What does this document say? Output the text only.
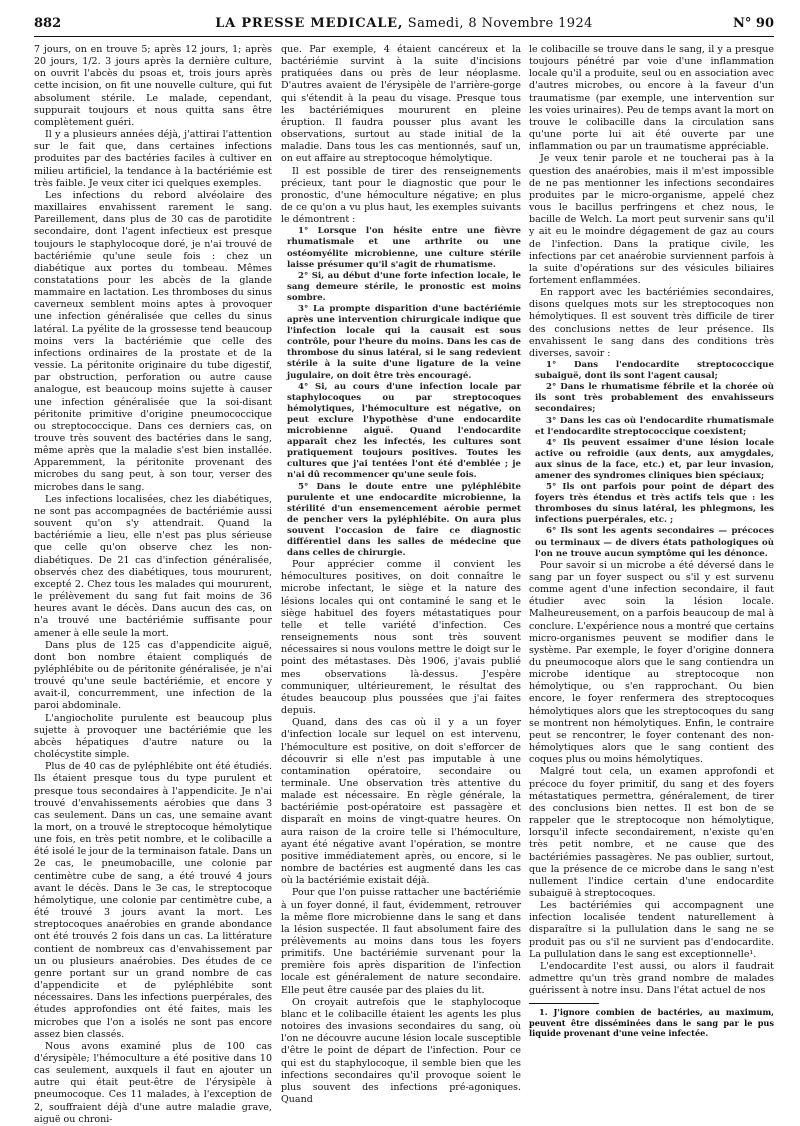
882	LA PRESSE MEDICALE, Samedi, 8 Novembre 1924	N° 90

7 jours, on en trouve 5; après 12 jours, 1; après 20 jours, 1/2. 3 jours après la dernière culture, on ouvrit l'abcès du psoas et, trois jours après cette incision, on fit une nouvelle culture, qui fut absolument stérile. Le malade, cependant, suppurait toujours et nous quitta sans être complètement guéri.

Il y a plusieurs années déjà, j'attirai l'attention sur le fait que, dans certaines infections produites par des bactéries faciles à cultiver en milieu artificiel, la tendance à la bactériémie est très faible. Je veux citer ici quelques exemples.

Les infections du rebord alvéolaire des maxillaires envahissent rarement le sang. Pareillement, dans plus de 30 cas de parotidite secondaire, dont l'agent infectieux est presque toujours le staphylocoque doré, je n'ai trouvé de bactériémie qu'une seule fois : chez un diabétique aux portes du tombeau. Mêmes constatations pour les abcès de la glande mammaire en lactation. Les thromboses du sinus caverneux semblent moins aptes à provoquer une infection généralisée que celles du sinus latéral. La pyélite de la grossesse tend beaucoup moins vers la bactériémie que celle des infections ordinaires de la prostate et de la vessie. La péritonite originaire du tube digestif, par obstruction, perforation ou autre cause analogue, est beaucoup moins sujette à causer une infection généralisée que la soi-disant péritonite primitive d'origine pneumococcique ou streptococcique. Dans ces derniers cas, on trouve très souvent des bactéries dans le sang, même après que la maladie s'est bien installée. Apparemment, la péritonite provenant des microbes du sang peut, à son tour, verser des microbes dans le sang.

Les infections localisées, chez les diabétiques, ne sont pas accompagnées de bactériémie aussi souvent qu'on s'y attendrait. Quand la bactériémie a lieu, elle n'est pas plus sérieuse que celle qu'on observe chez les non-diabétiques. De 21 cas d'infection généralisée, observés chez des diabétiques, tous moururent, excepté 2. Chez tous les malades qui moururent, le prélèvement du sang fut fait moins de 36 heures avant le décès. Dans aucun des cas, on n'a trouvé une bactériémie suffisante pour amener à elle seule la mort.

Dans plus de 125 cas d'appendicite aiguë, dont bon nombre étaient compliqués de pyléphlébite ou de péritonite généralisée, je n'ai trouvé qu'une seule bactériémie, et encore y avait-il, concurremment, une infection de la paroi abdominale.

L'angiocholite purulente est beaucoup plus sujette à provoquer une bactériémie que les abcès hépatiques d'autre nature ou la cholécystite simple.

Plus de 40 cas de pyléphlébite ont été étudiés. Ils étaient presque tous du type purulent et presque tous secondaires à l'appendicite. Je n'ai trouvé d'envahissements aérobies que dans 3 cas seulement. Dans un cas, une semaine avant la mort, on a trouvé le streptocoque hémolytique une fois, en très petit nombre, et le colibacille a été isolé le jour de la terminaison fatale. Dans un 2e cas, le pneumobacille, une colonie par centimètre cube de sang, a été trouvé 4 jours avant le décès. Dans le 3e cas, le streptocoque hémolytique, une colonie par centimètre cube, a été trouvé 3 jours avant la mort. Les streptocoques anaérobies en grande abondance ont été trouvés 2 fois dans un cas. La littérature contient de nombreux cas d'envahissement par un ou plusieurs anaérobies. Des études de ce genre portant sur un grand nombre de cas d'appendicite et de pyléphlébite sont nécessaires. Dans les infections puerpérales, des études approfondies ont été faites, mais les microbes que l'on a isolés ne sont pas encore assez bien classés.

Nous avons examiné plus de 100 cas d'érysipèle; l'hémoculture a été positive dans 10 cas seulement, auxquels il faut en ajouter un autre qui était peut-être de l'érysipèle à pneumocoque. Ces 11 malades, à l'exception de 2, souffraient déjà d'une autre maladie grave, aiguë ou chroni-

que. Par exemple, 4 étaient cancéreux et la bactériémie survint à la suite d'incisions pratiquées dans ou près de leur néoplasme. D'autres avaient de l'érysipèle de l'arrière-gorge qui s'étendit à la peau du visage. Presque tous les bactériémiques moururent en pleine éruption. Il faudra pousser plus avant les observations, surtout au stade initial de la maladie. Dans tous les cas mentionnés, sauf un, on eut affaire au streptocoque hémolytique.

Il est possible de tirer des renseignements précieux, tant pour le diagnostic que pour le pronostic, d'une hémoculture négative; en plus de ce qu'on a vu plus haut, les exemples suivants le démontrent :

1° Lorsque l'on hésite entre une fièvre rhumatismale et une arthrite ou une ostéomyélite microbienne, une culture stérile laisse présumer qu'il s'agit de rhumatisme.

2° Si, au début d'une forte infection locale, le sang demeure stérile, le pronostic est moins sombre.

3° La prompte disparition d'une bactériémie après une intervention chirurgicale indique que l'infection locale qui la causait est sous contrôle, pour l'heure du moins. Dans les cas de thrombose du sinus latéral, si le sang redevient stérile à la suite d'une ligature de la veine jugulaire, on doit être très encouragé.

4° Si, au cours d'une infection locale par staphylocoques ou par streptocoques hémolytiques, l'hémoculture est négative, on peut exclure l'hypothèse d'une endocardite microbienne aiguë. Quand l'endocardite apparaît chez les infectés, les cultures sont pratiquement toujours positives. Toutes les cultures que j'ai tentées l'ont été d'emblée ; je n'ai dû recommencer qu'une seule fois.

5° Dans le doute entre une pyléphlébite purulente et une endocardite microbienne, la stérilité d'un ensemencement aérobie permet de pencher vers la pyléphlébite. On aura plus souvent l'occasion de faire ce diagnostic différentiel dans les salles de médecine que dans celles de chirurgie.

Pour apprécier comme il convient les hémocultures positives, on doit connaître le microbe infectant, le siège et la nature des lésions locales qui ont contaminé le sang et le siège habituel des foyers métastatiques pour telle et telle variété d'infection. Ces renseignements nous sont très souvent nécessaires si nous voulons mettre le doigt sur le point des métastases. Dès 1906, j'avais publié mes observations là-dessus. J'espère communiquer, ultérieurement, le résultat des études beaucoup plus poussées que j'ai faites depuis.

Quand, dans des cas où il y a un foyer d'infection locale sur lequel on est intervenu, l'hémoculture est positive, on doit s'efforcer de découvrir si elle n'est pas imputable à une contamination opératoire, secondaire ou terminale. Une observation très attentive du malade est nécessaire. En règle générale, la bactériémie post-opératoire est passagère et disparaît en moins de vingt-quatre heures. On aura raison de la croire telle si l'hémoculture, ayant été négative avant l'opération, se montre positive immédiatement après, ou encore, si le nombre de bactéries est augmenté dans les cas où la bactériémie existait déjà.

Pour que l'on puisse rattacher une bactériémie à un foyer donné, il faut, évidemment, retrouver la même flore microbienne dans le sang et dans la lésion suspectée. Il faut absolument faire des prélèvements au moins dans tous les foyers primitifs. Une bactériémie survenant pour la première fois après disparition de l'infection locale est généralement de nature secondaire. Elle peut être causée par des plaies du lit.

On croyait autrefois que le staphylocoque blanc et le colibacille étaient les agents les plus notoires des invasions secondaires du sang, où l'on ne découvre aucune lésion locale susceptible d'être le point de départ de l'infection. Pour ce qui est du staphylocoque, il semble bien que les infections secondaires qu'il provoque soient le plus souvent des infections pré-agoniques. Quand

le colibacille se trouve dans le sang, il y a presque toujours pénétré par voie d'une inflammation locale qu'il a produite, seul ou en association avec d'autres microbes, ou encore à la faveur d'un traumatisme (par exemple, une intervention sur les voies urinaires). Peu de temps avant la mort on trouve le colibacille dans la circulation sans qu'une porte lui ait été ouverte par une inflammation ou par un traumatisme appréciable.

Je veux tenir parole et ne toucherai pas à la question des anaérobies, mais il m'est impossible de ne pas mentionner les infections secondaires produites par le micro-organisme, appelé chez vous le bacillus perfringens et chez nous, le bacille de Welch. La mort peut survenir sans qu'il y ait eu le moindre dégagement de gaz au cours de l'infection. Dans la pratique civile, les infections par cet anaérobie surviennent parfois à la suite d'opérations sur des vésicules biliaires fortement enflammées.

En rapport avec les bactériémies secondaires, disons quelques mots sur les streptocoques non hémolytiques. Il est souvent très difficile de tirer des conclusions nettes de leur présence. Ils envahissent le sang dans des conditions très diverses, savoir :

1° Dans l'endocardite streptococcique subaiguë, dont ils sont l'agent causal;

2° Dans le rhumatisme fébrile et la chorée où ils sont très probablement des envahisseurs secondaires;

3° Dans les cas où l'endocardite rhumatismale et l'endocardite streptococcique coexistent;

4° Ils peuvent essaimer d'une lésion locale active ou refroidie (aux dents, aux amygdales, aux sinus de la face, etc.) et, par leur invasion, amener des syndromes cliniques bien spéciaux;

5° Ils ont parfois pour point de départ des foyers très étendus et très actifs tels que : les thromboses du sinus latéral, les phlegmons, les infections puerpérales, etc. ;

6° Ils sont les agents secondaires — précoces ou terminaux — de divers états pathologiques où l'on ne trouve aucun symptôme qui les dénonce.

Pour savoir si un microbe a été déversé dans le sang par un foyer suspect ou s'il y est survenu comme agent d'une infection secondaire, il faut étudier avec soin la lésion locale. Malheureusement, on a parfois beaucoup de mal à conclure. L'expérience nous a montré que certains micro-organismes peuvent se modifier dans le système. Par exemple, le foyer d'origine donnera du pneumocoque alors que le sang contiendra un microbe identique au streptocoque non hémolytique, ou s'en rapprochant. Ou bien encore, le foyer renfermera des streptocoques hémolytiques alors que les streptocoques du sang se montrent non hémolytiques. Enfin, le contraire peut se rencontrer, le foyer contenant des non-hémolytiques alors que le sang contient des coques plus ou moins hémolytiques.

Malgré tout cela, un examen approfondi et précoce du foyer primitif, du sang et des foyers métastatiques permettra, généralement, de tirer des conclusions bien nettes. Il est bon de se rappeler que le streptocoque non hémolytique, lorsqu'il infecte secondairement, n'existe qu'en très petit nombre, et ne cause que des bactériémies passagères. Ne pas oublier, surtout, que la présence de ce microbe dans le sang n'est nullement l'indice certain d'une endocardite subaiguë à streptocoques.

Les bactériémies qui accompagnent une infection localisée tendent naturellement à disparaître si la pullulation dans le sang ne se produit pas ou s'il ne survient pas d'endocardite. La pullulation dans le sang est exceptionnelle¹.

L'endocardite l'est aussi, ou alors il faudrait admettre qu'un très grand nombre de malades guérissent à notre insu. Dans l'état actuel de nos

1. J'ignore combien de bactéries, au maximum, peuvent être disséminées dans le sang par le pus liquide provenant d'une veine infectée.
